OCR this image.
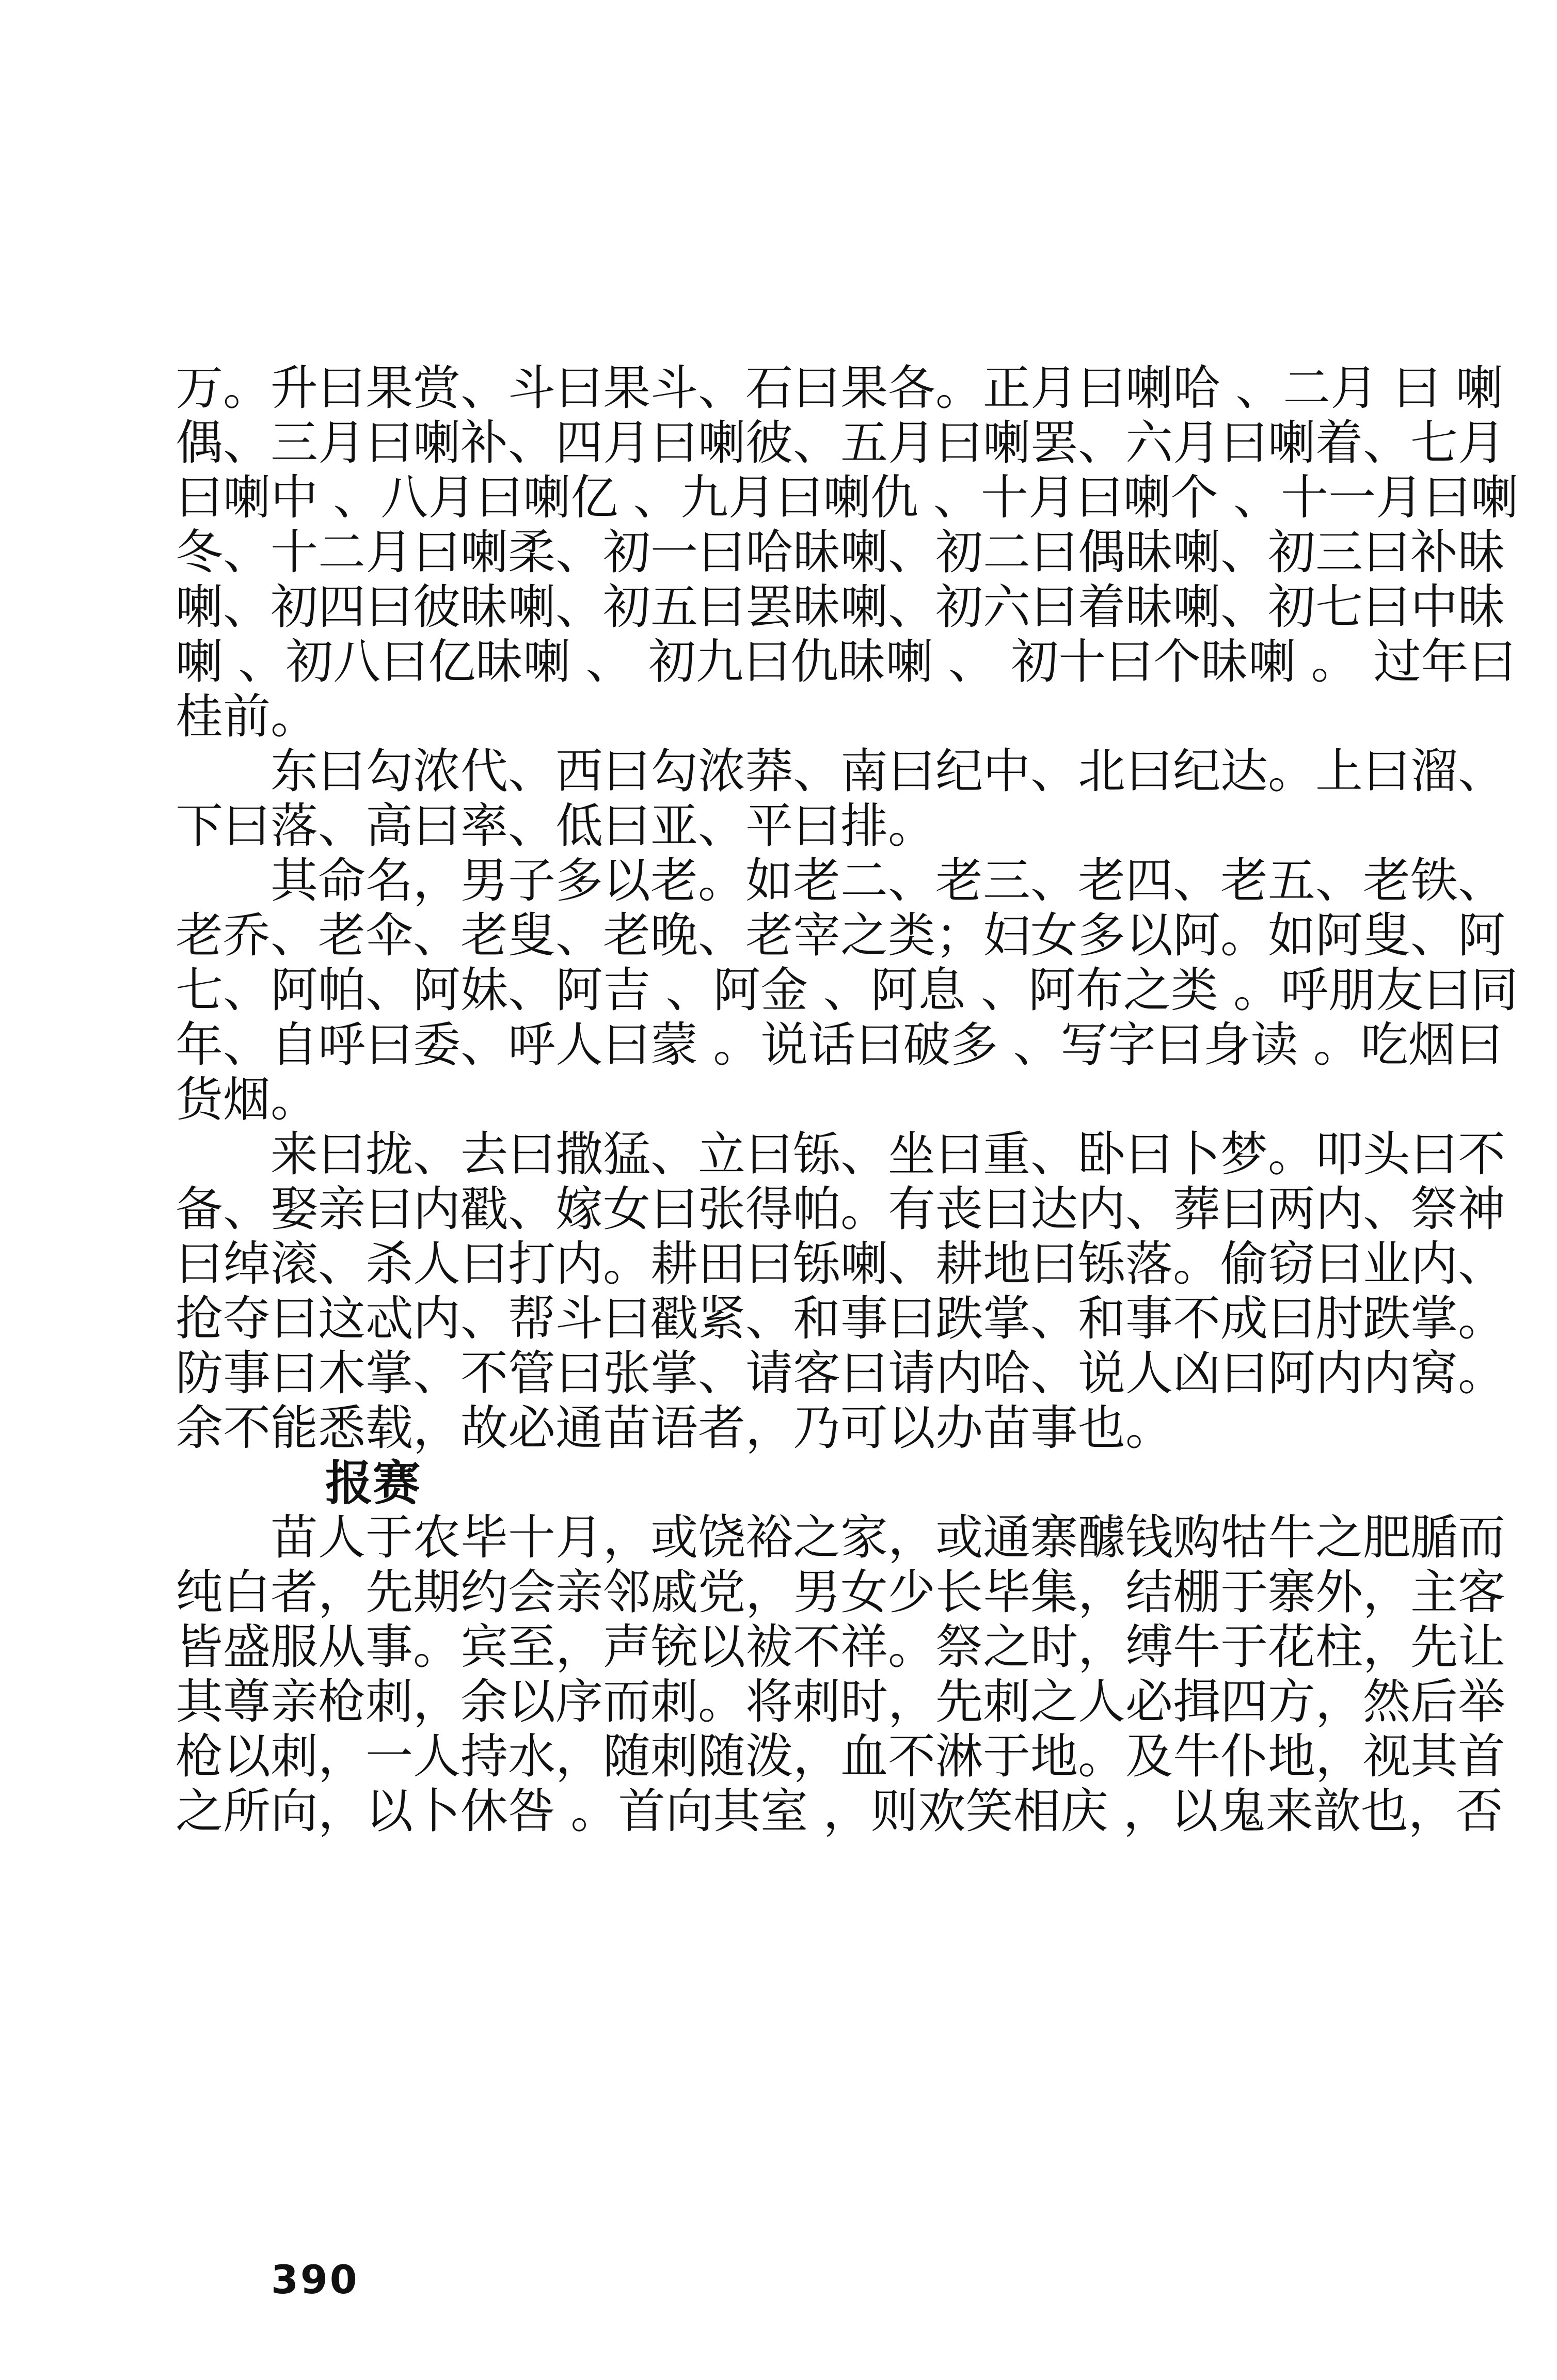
万。升曰果赏、斗曰果斗、石曰果各。正月曰喇哈 、二月 曰 喇
偶、三月曰喇补、四月曰喇彼、五月曰喇罢、六月曰喇着、七月
曰喇中 、八月曰喇亿 、九月曰喇仇 、十月曰喇个 、十一月曰喇
冬、十二月曰喇柔、初一曰哈昧喇、初二曰偶昧喇、初三曰补昧
喇、初四曰彼昧喇、初五曰罢昧喇、初六曰着昧喇、初七曰中昧
喇 、初八曰亿昧喇 、 初九曰仇昧喇 、 初十曰个昧喇 。 过年曰
桂前。
东曰勾浓代、西曰勾浓莽、南曰纪中、北曰纪达。上曰溜、
下曰落、高曰率、低曰亚、平曰排。
其命名，男子多以老。如老二、老三、老四、老五、老铁、
老乔、老伞、老叟、老晚、老宰之类；妇女多以阿。如阿叟、阿
七、阿帕、阿妹、阿吉 、阿金 、阿息 、阿布之类 。呼朋友曰同
年、自呼曰委、呼人曰蒙 。说话曰破多 、写字曰身读 。吃烟曰
货烟。
来曰拢、去曰撒猛、立曰铄、坐曰重、卧曰卜梦。叩头曰不
备、娶亲曰内戳、嫁女曰张得帕。有丧曰达内、葬曰两内、祭神
曰绰滚、杀人曰打内。耕田曰铄喇、耕地曰铄落。偷窃曰业内、
抢夺曰这忒内、帮斗曰戳紧、和事曰跌掌、和事不成曰肘跌掌。
防事曰木掌、不管曰张掌、请客曰请内哈、说人凶曰阿内内窝。
余不能悉载，故必通苗语者，乃可以办苗事也。
报赛
苗人于农毕十月，或饶裕之家，或通寨醵钱购牯牛之肥腯而
纯白者，先期约会亲邻戚党，男女少长毕集，结棚于寨外，主客
皆盛服从事。宾至，声铳以袚不祥。祭之时，缚牛于花柱，先让
其尊亲枪刺，余以序而刺。将刺时，先刺之人必揖四方，然后举
枪以刺，一人持水，随刺随泼，血不淋于地。及牛仆地，视其首
之所向，以卜休咎 。首向其室 ，则欢笑相庆 ，以鬼来歆也，否
390
